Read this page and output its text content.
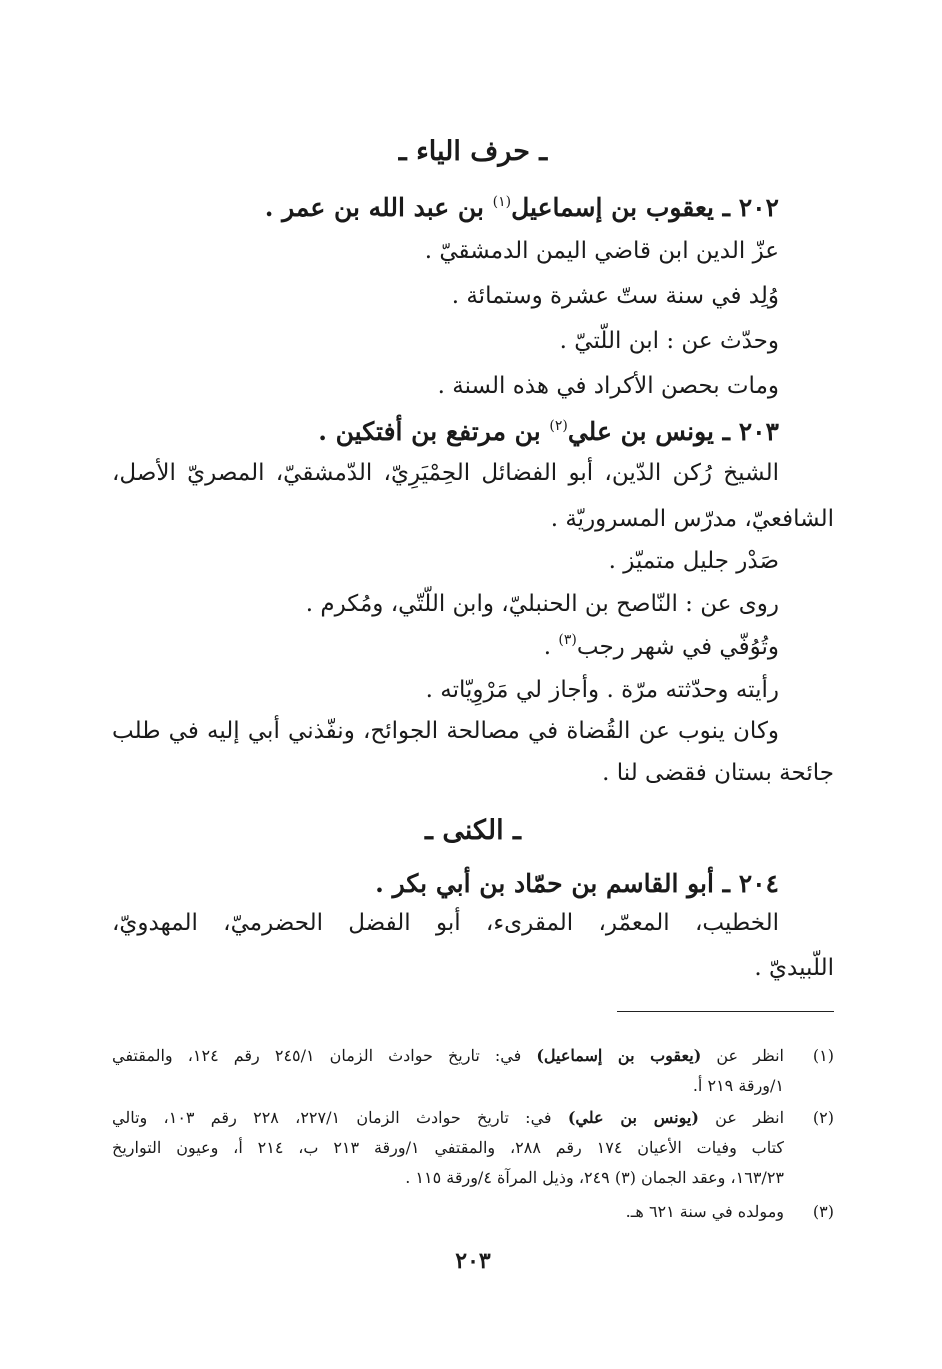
ـ حرف الياء ـ
٢٠٢ ـ يعقوب بن إسماعيل$^{(١)}$ بن عبد الله بن عمر .
عزّ الدين ابن قاضي اليمن الدمشقيّ .
وُلِد في سنة ستّ عشرة وستمائة .
وحدّث عن : ابن اللّتيّ .
ومات بحصن الأكراد في هذه السنة .
٢٠٣ ـ يونس بن علي$^{(٢)}$ بن مرتفع بن أفتكين .
الشيخ رُكن الدّين، أبو الفضائل الحِمْيَرِيّ، الدّمشقيّ، المصريّ الأصل،
الشافعيّ، مدرّس المسروريّة .
صَدْر جليل متميّز .
روى عن : النّاصح بن الحنبليّ، وابن اللّتّي، ومُكرم .
وتُوُفّي في شهر رجب$^{(٣)}$ .
رأيته وحدّثته مرّة . وأجاز لي مَرْوِيّاته .
وكان ينوب عن القُضاة في مصالحة الجوائح، ونفّذني أبي إليه في طلب
جائحة بستان فقضى لنا .
ـ الكنى ـ
٢٠٤ ـ أبو القاسم بن حمّاد بن أبي بكر .
الخطيب، المعمّر، المقرىء، أبو الفضل الحضرميّ، المهدويّ،
اللّبيديّ .
(١)
انظر عن (يعقوب بن إسماعيل) في: تاريخ حوادث الزمان ٢٤٥/١ رقم ١٢٤، والمقتفي
١/ورقة ٢١٩ أ.
(٢)
انظر عن (يونس بن علي) في: تاريخ حوادث الزمان ٢٢٧/١، ٢٢٨ رقم ١٠٣، وتالي
كتاب وفيات الأعيان ١٧٤ رقم ٢٨٨، والمقتفي ١/ورقة ٢١٣ ب، ٢١٤ أ، وعيون التواريخ
١٦٣/٢٣، وعقد الجمان (٣) ٢٤٩، وذيل المرآة ٤/ورقة ١١٥ .
(٣)
ومولده في سنة ٦٢١ هـ.
٢٠٣
